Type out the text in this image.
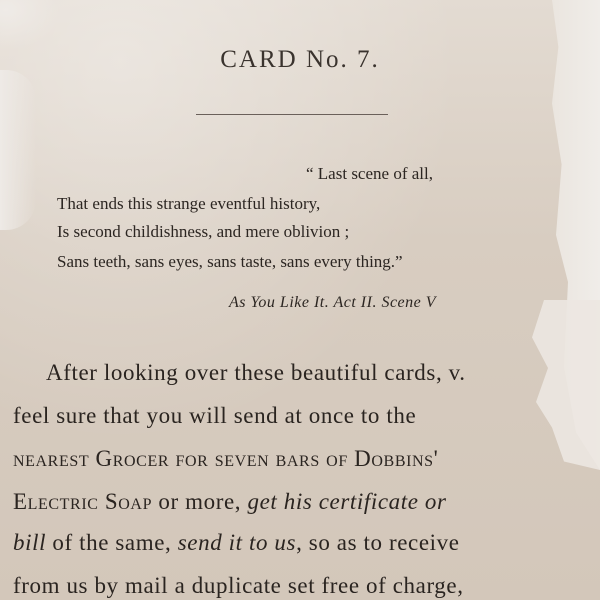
CARD No. 7.
“ Last scene of all,
That ends this strange eventful history,
Is second childishness, and mere oblivion ;
Sans teeth, sans eyes, sans taste, sans every thing.”
As You Like It. Act II. Scene V
After looking over these beautiful cards, v.
feel sure that you will send at once to the
nearest Grocer for seven bars of Dobbins'
Electric Soap or more, get his certificate or
bill of the same, send it to us, so as to receive
from us by mail a duplicate set free of charge,
